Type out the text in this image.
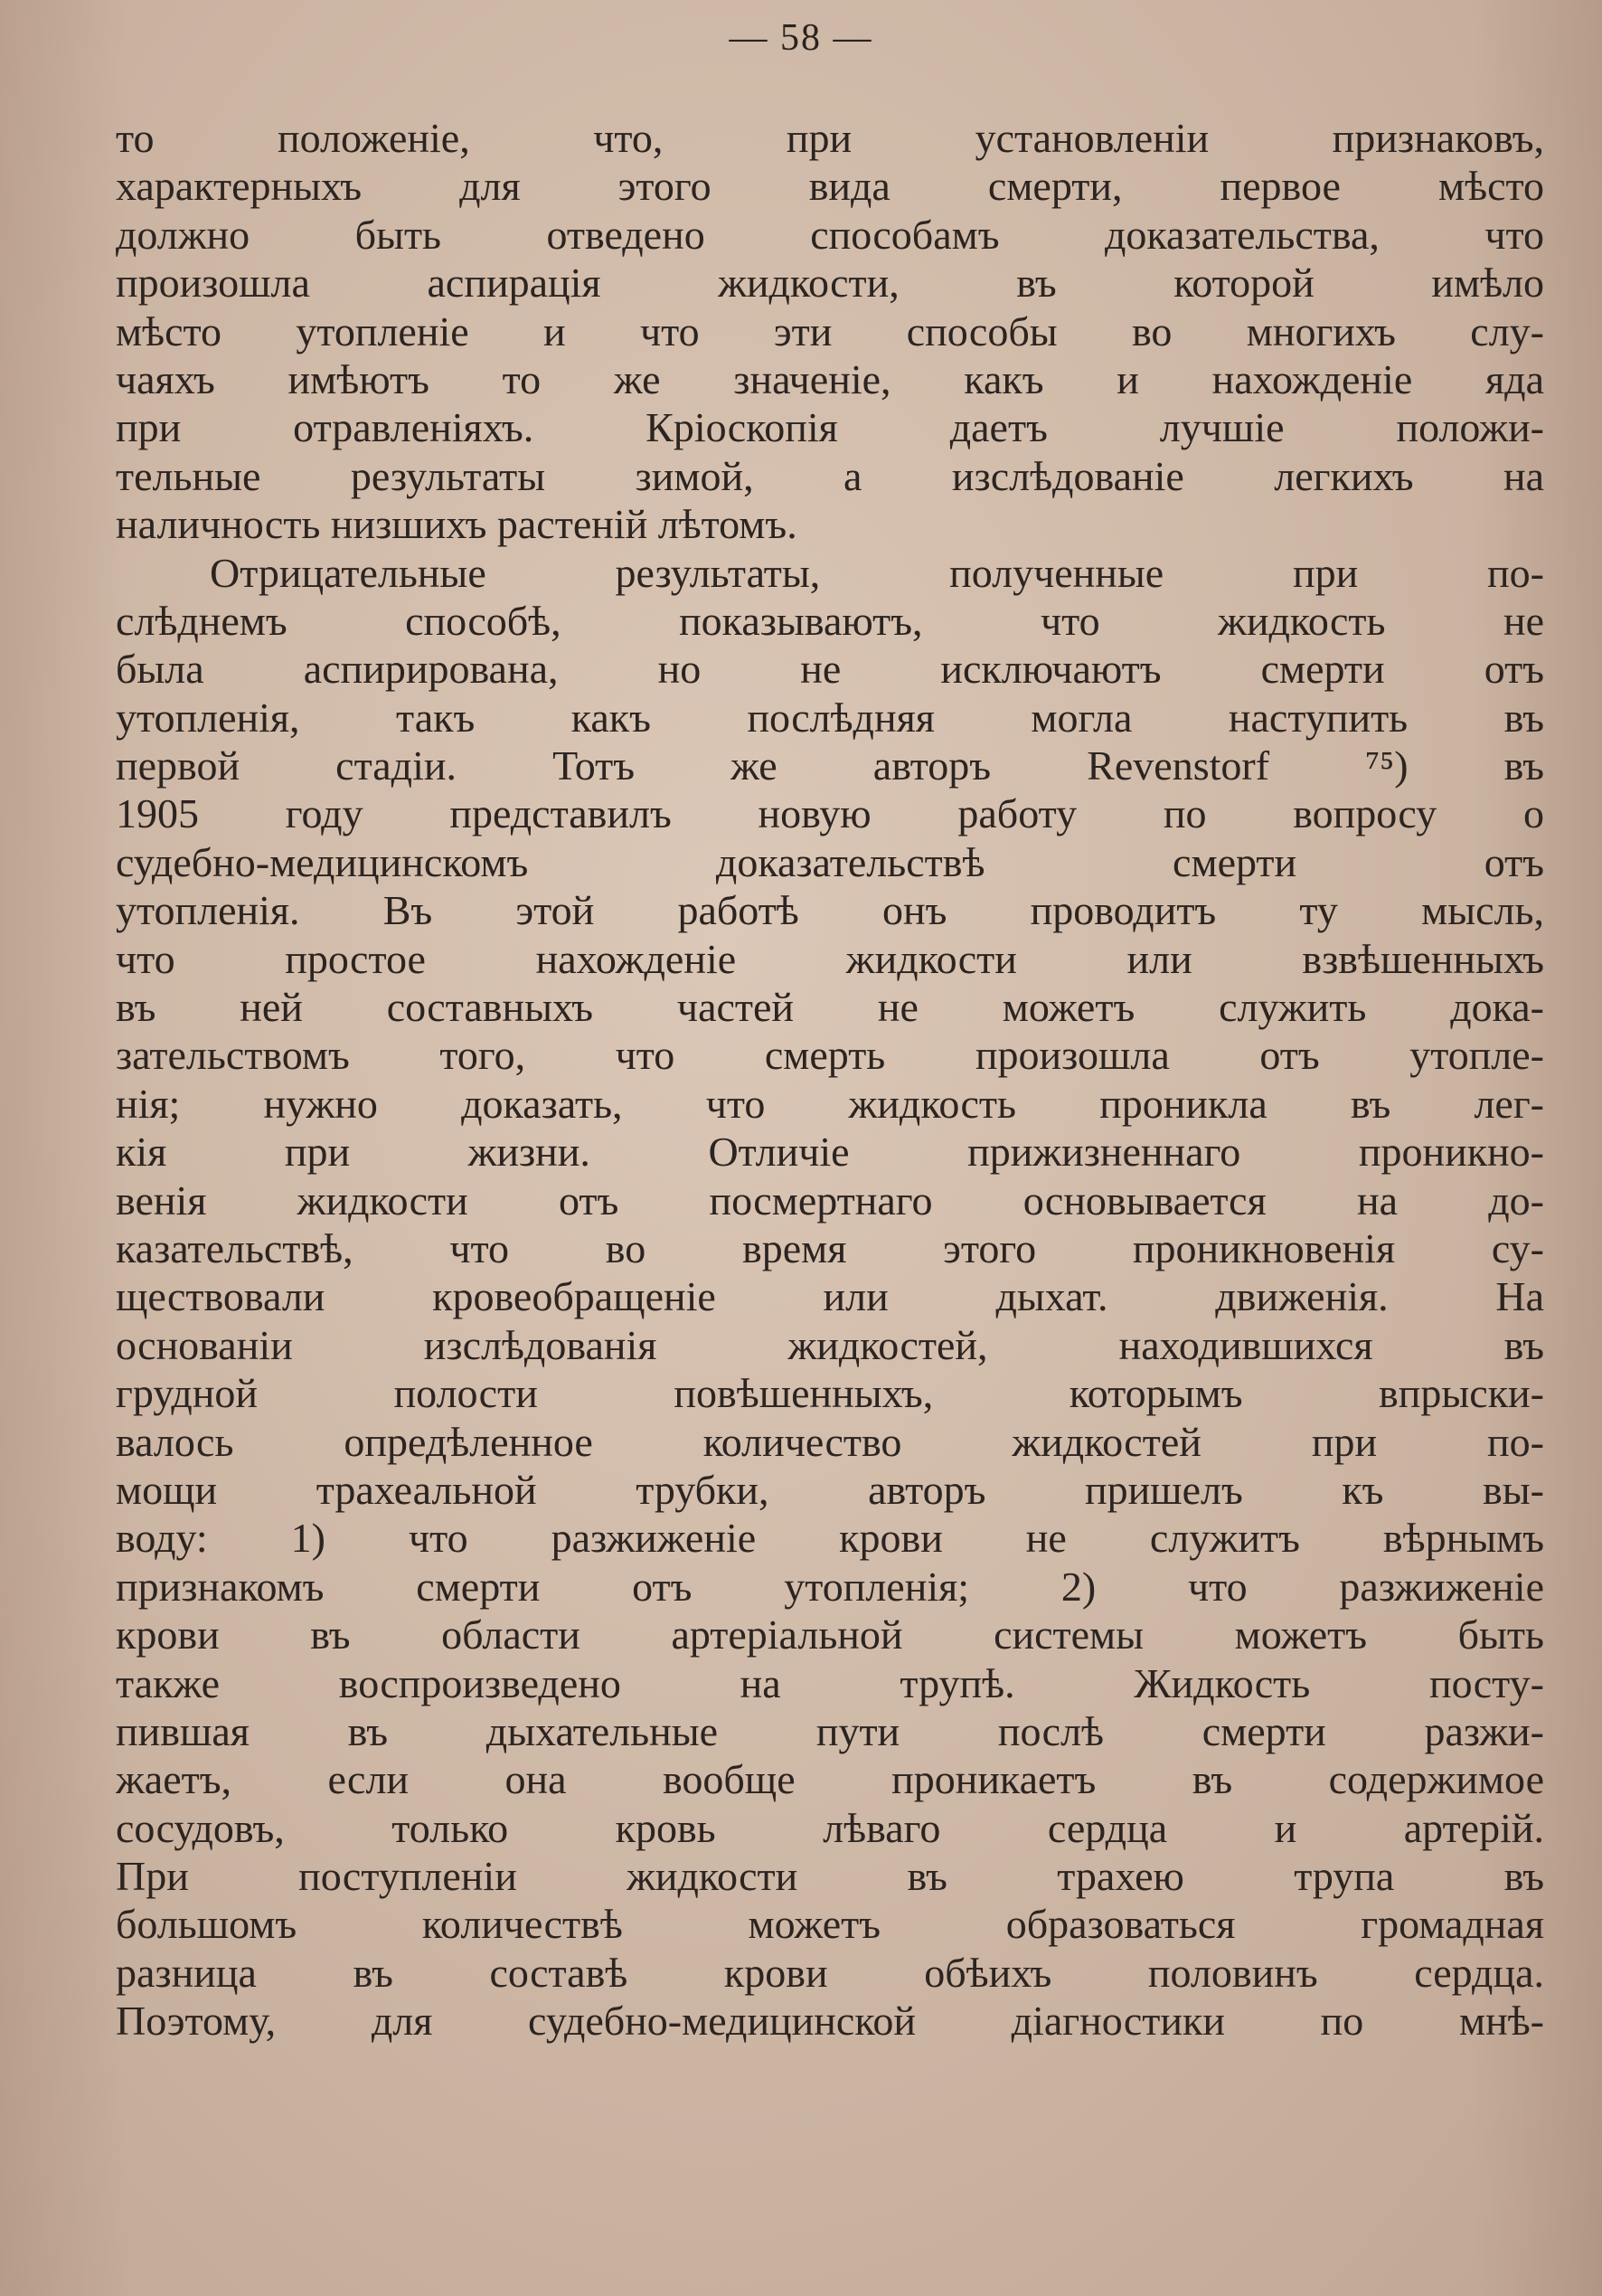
— 58 —
то положеніе, что, при установленіи признаковъ,
характерныхъ для этого вида смерти, первое мѣсто
должно быть отведено способамъ доказательства, что
произошла аспирація жидкости, въ которой имѣло
мѣсто утопленіе и что эти способы во многихъ слу-
чаяхъ имѣютъ то же значеніе, какъ и нахожденіе яда
при отравленіяхъ. Кріоскопія даетъ лучшіе положи-
тельные результаты зимой, а изслѣдованіе легкихъ на
наличность низшихъ растеній лѣтомъ.
Отрицательные результаты, полученные при по-
слѣднемъ способѣ, показываютъ, что жидкость не
была аспирирована, но не исключаютъ смерти отъ
утопленія, такъ какъ послѣдняя могла наступить въ
первой стадіи. Тотъ же авторъ Revenstorf ⁷⁵) въ
1905 году представилъ новую работу по вопросу о
судебно-медицинскомъ доказательствѣ смерти отъ
утопленія. Въ этой работѣ онъ проводитъ ту мысль,
что простое нахожденіе жидкости или взвѣшенныхъ
въ ней составныхъ частей не можетъ служить дока-
зательствомъ того, что смерть произошла отъ утопле-
нія; нужно доказать, что жидкость проникла въ лег-
кія при жизни. Отличіе прижизненнаго проникно-
венія жидкости отъ посмертнаго основывается на до-
казательствѣ, что во время этого проникновенія су-
ществовали кровеобращеніе или дыхат. движенія. На
основаніи изслѣдованія жидкостей, находившихся въ
грудной полости повѣшенныхъ, которымъ впрыски-
валось опредѣленное количество жидкостей при по-
мощи трахеальной трубки, авторъ пришелъ къ вы-
воду: 1) что разжиженіе крови не служитъ вѣрнымъ
признакомъ смерти отъ утопленія; 2) что разжиженіе
крови въ области артеріальной системы можетъ быть
также воспроизведено на трупѣ. Жидкость посту-
пившая въ дыхательные пути послѣ смерти разжи-
жаетъ, если она вообще проникаетъ въ содержимое
сосудовъ, только кровь лѣваго сердца и артерій.
При поступленіи жидкости въ трахею трупа въ
большомъ количествѣ можетъ образоваться громадная
разница въ составѣ крови обѣихъ половинъ сердца.
Поэтому, для судебно-медицинской діагностики по мнѣ-
